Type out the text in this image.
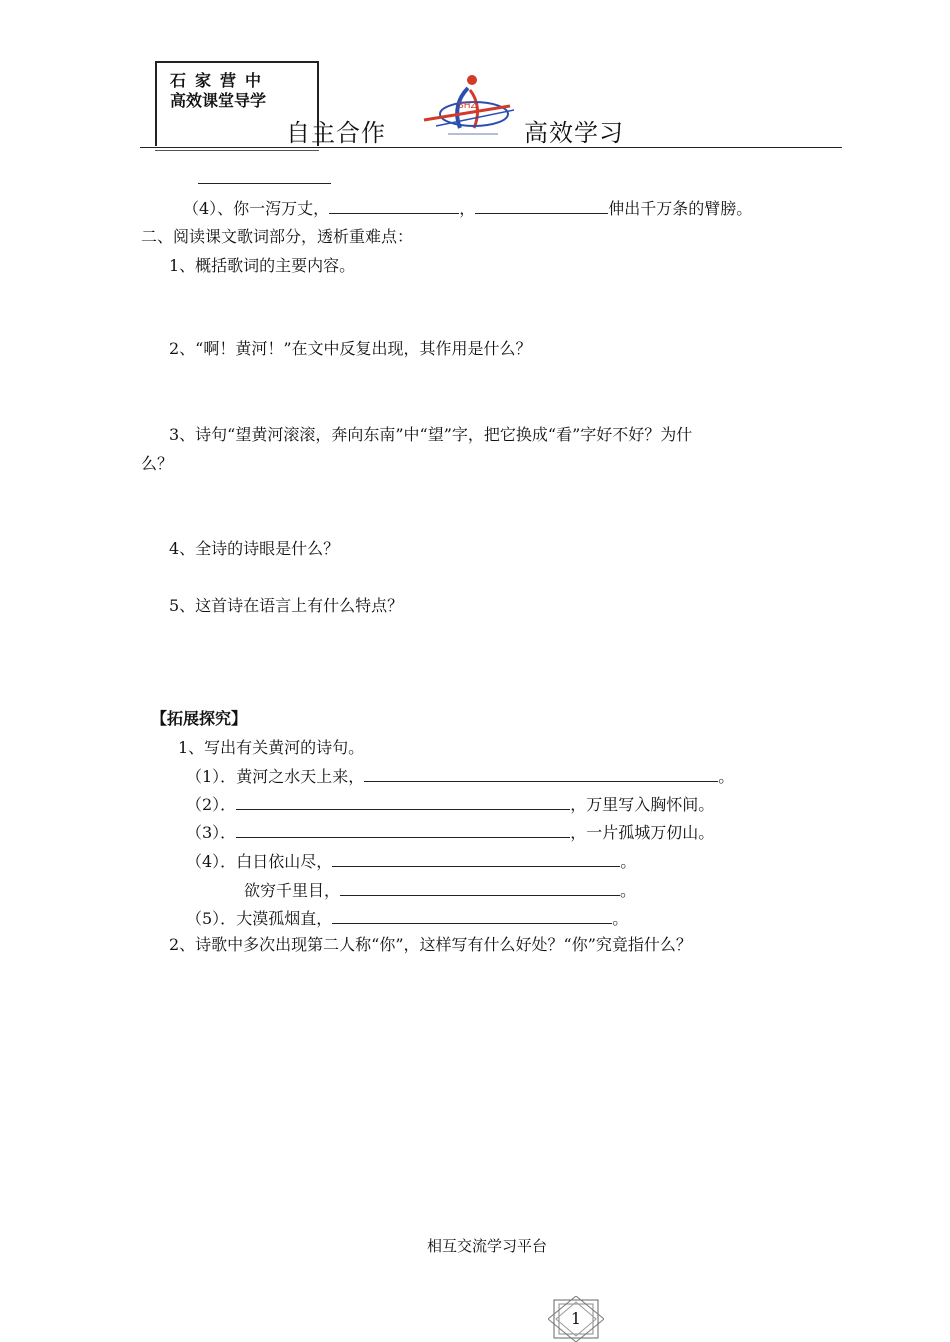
石家营中
高效课堂导学
自主合作
SHZ
高效学习
（4）、你一泻万丈，	，	伸出千万条的臂膀。
二、阅读课文歌词部分，透析重难点：
1、概括歌词的主要内容。
2、“啊！黄河！”在文中反复出现，其作用是什么？
3、诗句“望黄河滚滚，奔向东南”中“望”字，把它换成“看”字好不好？为什
么？
4、全诗的诗眼是什么？
5、这首诗在语言上有什么特点？
【拓展探究】
1、写出有关黄河的诗句。
（1）．黄河之水天上来，	。
（2）．	，万里写入胸怀间。
（3）．	，一片孤城万仞山。
（4）．白日依山尽，	。
欲穷千里目，	。
（5）．大漠孤烟直，	。
2、诗歌中多次出现第二人称“你”，这样写有什么好处？“你”究竟指什么？
相互交流学习平台
1
